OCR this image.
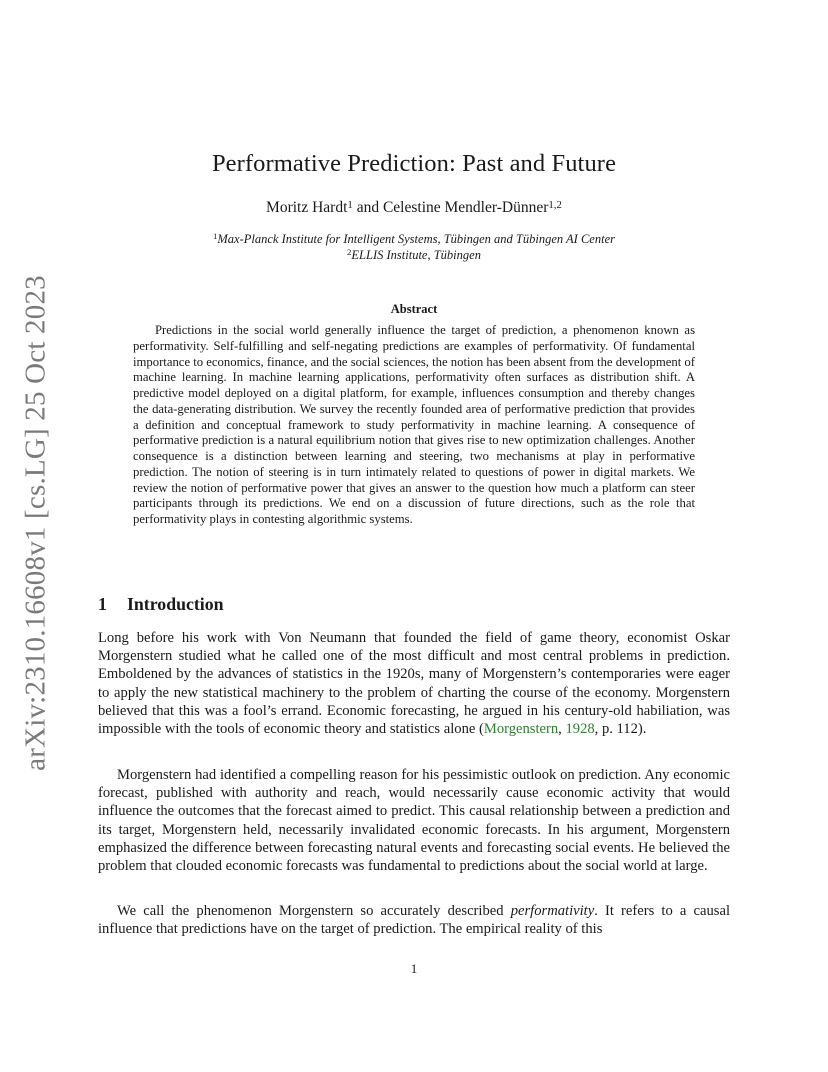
arXiv:2310.16608v1 [cs.LG] 25 Oct 2023
Performative Prediction: Past and Future
Moritz Hardt$^1$ and Celestine Mendler-Dünner$^{1,2}$
$^1$Max-Planck Institute for Intelligent Systems, Tübingen and Tübingen AI Center
$^2$ELLIS Institute, Tübingen
Abstract

Predictions in the social world generally influence the target of prediction, a phenomenon known as performativity. Self-fulfilling and self-negating predictions are examples of performativity. Of fundamental importance to economics, finance, and the social sciences, the notion has been absent from the development of machine learning. In machine learning applications, performativity often surfaces as distribution shift. A predictive model deployed on a digital platform, for example, influences consumption and thereby changes the data-generating distribution. We survey the recently founded area of performative prediction that provides a definition and conceptual framework to study performativity in machine learning. A consequence of performative prediction is a natural equilibrium notion that gives rise to new optimization challenges. Another consequence is a distinction between learning and steering, two mechanisms at play in performative prediction. The notion of steering is in turn intimately related to questions of power in digital markets. We review the notion of performative power that gives an answer to the question how much a platform can steer participants through its predictions. We end on a discussion of future directions, such as the role that performativity plays in contesting algorithmic systems.

1 Introduction

Long before his work with Von Neumann that founded the field of game theory, economist Oskar Morgenstern studied what he called one of the most difficult and most central problems in prediction. Emboldened by the advances of statistics in the 1920s, many of Morgenstern’s contemporaries were eager to apply the new statistical machinery to the problem of charting the course of the economy. Morgenstern believed that this was a fool’s errand. Economic forecasting, he argued in his century-old habiliation, was impossible with the tools of economic theory and statistics alone (Morgenstern, 1928, p. 112).

Morgenstern had identified a compelling reason for his pessimistic outlook on prediction. Any economic forecast, published with authority and reach, would necessarily cause economic activity that would influence the outcomes that the forecast aimed to predict. This causal relationship between a prediction and its target, Morgenstern held, necessarily invalidated economic forecasts. In his argument, Morgenstern emphasized the difference between forecasting natural events and forecasting social events. He believed the problem that clouded economic forecasts was fundamental to predictions about the social world at large.

We call the phenomenon Morgenstern so accurately described performativity. It refers to a causal influence that predictions have on the target of prediction. The empirical reality of this

1
